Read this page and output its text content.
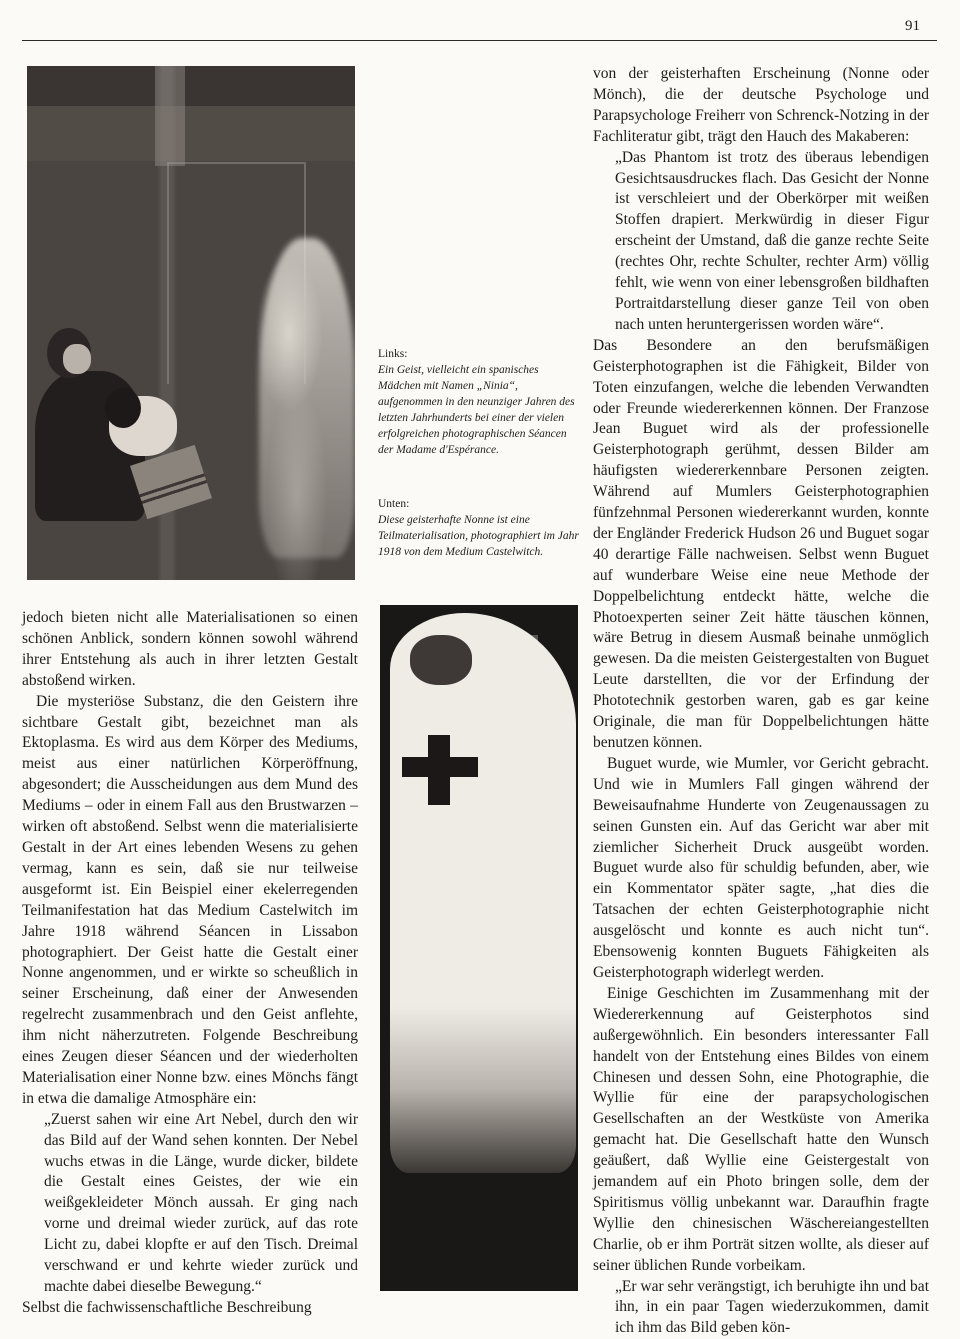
91
Links:
Ein Geist, vielleicht ein spanisches Mädchen mit Namen „Ninia“, aufgenommen in den neunziger Jahren des letzten Jahrhunderts bei einer der vielen erfolgreichen photographischen Séancen der Madame d'Espérance.
Unten:
Diese geisterhafte Nonne ist eine Teilmaterialisation, photographiert im Jahr 1918 von dem Medium Castelwitch.

jedoch bieten nicht alle Materialisationen so einen schönen Anblick, sondern können sowohl während ihrer Entstehung als auch in ihrer letzten Gestalt abstoßend wirken.

Die mysteriöse Substanz, die den Geistern ihre sichtbare Gestalt gibt, bezeichnet man als Ektoplasma. Es wird aus dem Körper des Mediums, meist aus einer natürlichen Körperöffnung, abgesondert; die Ausscheidungen aus dem Mund des Mediums – oder in einem Fall aus den Brustwarzen – wirken oft abstoßend. Selbst wenn die materialisierte Gestalt in der Art eines lebenden Wesens zu gehen vermag, kann es sein, daß sie nur teilweise ausgeformt ist. Ein Beispiel einer ekelerregenden Teilmanifestation hat das Medium Castelwitch im Jahre 1918 während Séancen in Lissabon photographiert. Der Geist hatte die Gestalt einer Nonne angenommen, und er wirkte so scheußlich in seiner Erscheinung, daß einer der Anwesenden regelrecht zusammenbrach und den Geist anflehte, ihm nicht näherzutreten. Folgende Beschreibung eines Zeugen dieser Séancen und der wiederholten Materialisation einer Nonne bzw. eines Mönchs fängt in etwa die damalige Atmosphäre ein:

„Zuerst sahen wir eine Art Nebel, durch den wir das Bild auf der Wand sehen konnten. Der Nebel wuchs etwas in die Länge, wurde dicker, bildete die Gestalt eines Geistes, der wie ein weißgekleideter Mönch aussah. Er ging nach vorne und dreimal wieder zurück, auf das rote Licht zu, dabei klopfte er auf den Tisch. Dreimal verschwand er und kehrte wieder zurück und machte dabei dieselbe Bewegung.“

Selbst die fachwissenschaftliche Beschreibung

von der geisterhaften Erscheinung (Nonne oder Mönch), die der deutsche Psychologe und Parapsychologe Freiherr von Schrenck-Notzing in der Fachliteratur gibt, trägt den Hauch des Makaberen:

„Das Phantom ist trotz des überaus lebendigen Gesichtsausdruckes flach. Das Gesicht der Nonne ist verschleiert und der Oberkörper mit weißen Stoffen drapiert. Merkwürdig in dieser Figur erscheint der Umstand, daß die ganze rechte Seite (rechtes Ohr, rechte Schulter, rechter Arm) völlig fehlt, wie wenn von einer lebensgroßen bildhaften Portraitdarstellung dieser ganze Teil von oben nach unten heruntergerissen worden wäre“.

Das Besondere an den berufsmäßigen Geisterphotographen ist die Fähigkeit, Bilder von Toten einzufangen, welche die lebenden Verwandten oder Freunde wiedererkennen können. Der Franzose Jean Buguet wird als der professionelle Geisterphotograph gerühmt, dessen Bilder am häufigsten wiedererkennbare Personen zeigten. Während auf Mumlers Geisterphotographien fünfzehnmal Personen wiedererkannt wurden, konnte der Engländer Frederick Hudson 26 und Buguet sogar 40 derartige Fälle nachweisen. Selbst wenn Buguet auf wunderbare Weise eine neue Methode der Doppelbelichtung entdeckt hätte, welche die Photoexperten seiner Zeit hätte täuschen können, wäre Betrug in diesem Ausmaß beinahe unmöglich gewesen. Da die meisten Geistergestalten von Buguet Leute darstellten, die vor der Erfindung der Phototechnik gestorben waren, gab es gar keine Originale, die man für Doppelbelichtungen hätte benutzen können.

Buguet wurde, wie Mumler, vor Gericht gebracht. Und wie in Mumlers Fall gingen während der Beweisaufnahme Hunderte von Zeugenaussagen zu seinen Gunsten ein. Auf das Gericht war aber mit ziemlicher Sicherheit Druck ausgeübt worden. Buguet wurde also für schuldig befunden, aber, wie ein Kommentator später sagte, „hat dies die Tatsachen der echten Geisterphotographie nicht ausgelöscht und konnte es auch nicht tun“. Ebensowenig konnten Buguets Fähigkeiten als Geisterphotograph widerlegt werden.

Einige Geschichten im Zusammenhang mit der Wiedererkennung auf Geisterphotos sind außergewöhnlich. Ein besonders interessanter Fall handelt von der Entstehung eines Bildes von einem Chinesen und dessen Sohn, eine Photographie, die Wyllie für eine der parapsychologischen Gesellschaften an der Westküste von Amerika gemacht hat. Die Gesellschaft hatte den Wunsch geäußert, daß Wyllie eine Geistergestalt von jemandem auf ein Photo bringen solle, dem der Spiritismus völlig unbekannt war. Daraufhin fragte Wyllie den chinesischen Wäschereiangestellten Charlie, ob er ihm Porträt sitzen wollte, als dieser auf seiner üblichen Runde vorbeikam.

„Er war sehr verängstigt, ich beruhigte ihn und bat ihn, in ein paar Tagen wiederzukommen, damit ich ihm das Bild geben kön-
